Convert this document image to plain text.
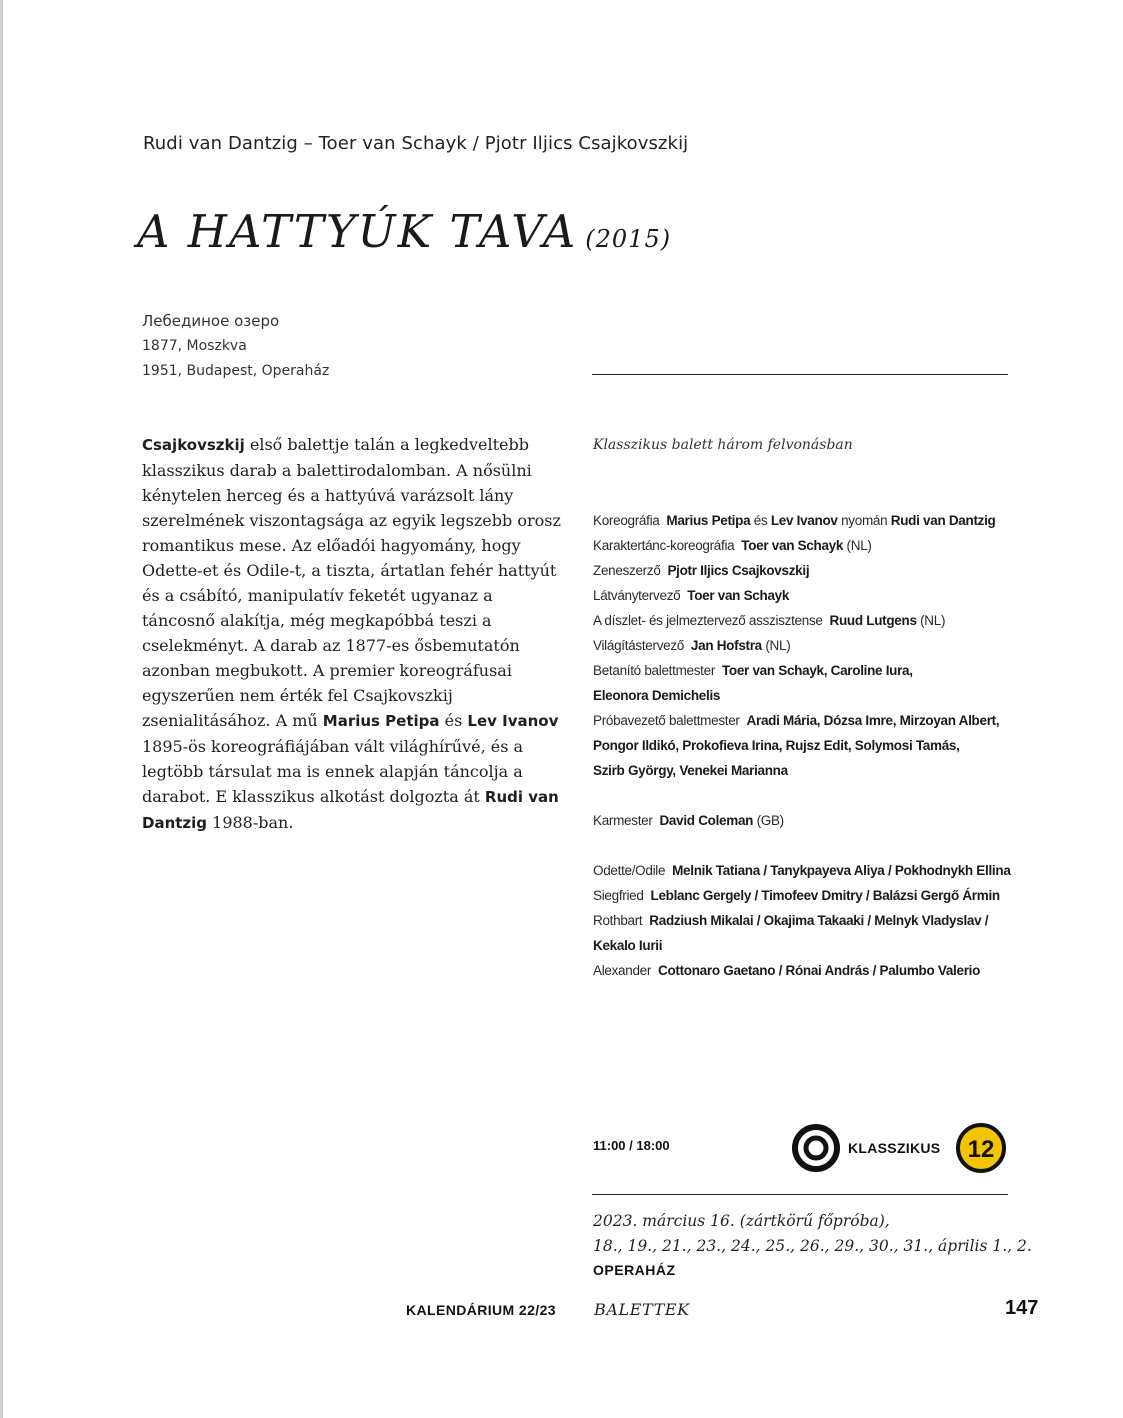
Rudi van Dantzig – Toer van Schayk / Pjotr Iljics Csajkovszkij
A HATTYÚK TAVA (2015)
Лебединое озеро
1877, Moszkva
1951, Budapest, Operaház
Csajkovszkij első balettje talán a legkedveltebb klasszikus darab a balettirodalomban. A nősülni kénytelen herceg és a hattyúvá varázsolt lány szerelmének viszontagsága az egyik legszebb orosz romantikus mese. Az előadói hagyomány, hogy Odette-et és Odile-t, a tiszta, ártatlan fehér hattyút és a csábító, manipulatív feketét ugyanaz a táncosnő alakítja, még megkapóbbá teszi a cselekményt. A darab az 1877-es ősbemutatón azonban megbukott. A premier koreográfusai egyszerűen nem érték fel Csajkovszkij zsenialitásához. A mű Marius Petipa és Lev Ivanov 1895-ös koreográfiájában vált világhírűvé, és a legtöbb társulat ma is ennek alapján táncolja a darabot. E klasszikus alkotást dolgozta át Rudi van Dantzig 1988-ban.
Klasszikus balett három felvonásban
Koreográfia Marius Petipa és Lev Ivanov nyomán Rudi van Dantzig
Karaktertánc-koreográfia Toer van Schayk (NL)
Zeneszerző Pjotr Iljics Csajkovszkij
Látványtervező Toer van Schayk
A díszlet- és jelmeztervező asszisztense Ruud Lutgens (NL)
Világítástervező Jan Hofstra (NL)
Betanító balettmester Toer van Schayk, Caroline Iura,
Eleonora Demichelis
Próbavezető balettmester Aradi Mária, Dózsa Imre, Mirzoyan Albert,
Pongor Ildikó, Prokofieva Irina, Rujsz Edit, Solymosi Tamás,
Szirb György, Venekei Marianna
Karmester David Coleman (GB)
Odette/Odile Melnik Tatiana / Tanykpayeva Aliya / Pokhodnykh Ellina
Siegfried Leblanc Gergely / Timofeev Dmitry / Balázsi Gergő Ármin
Rothbart Radziush Mikalai / Okajima Takaaki / Melnyk Vladyslav /
Kekalo Iurii
Alexander Cottonaro Gaetano / Rónai András / Palumbo Valerio
11:00 / 18:00	KLASSZIKUS 12
2023. március 16. (zártkörű főpróba),
18., 19., 21., 23., 24., 25., 26., 29., 30., 31., április 1., 2.
OPERAHÁZ
KALENDÁRIUM 22/23 BALETTEK	147
